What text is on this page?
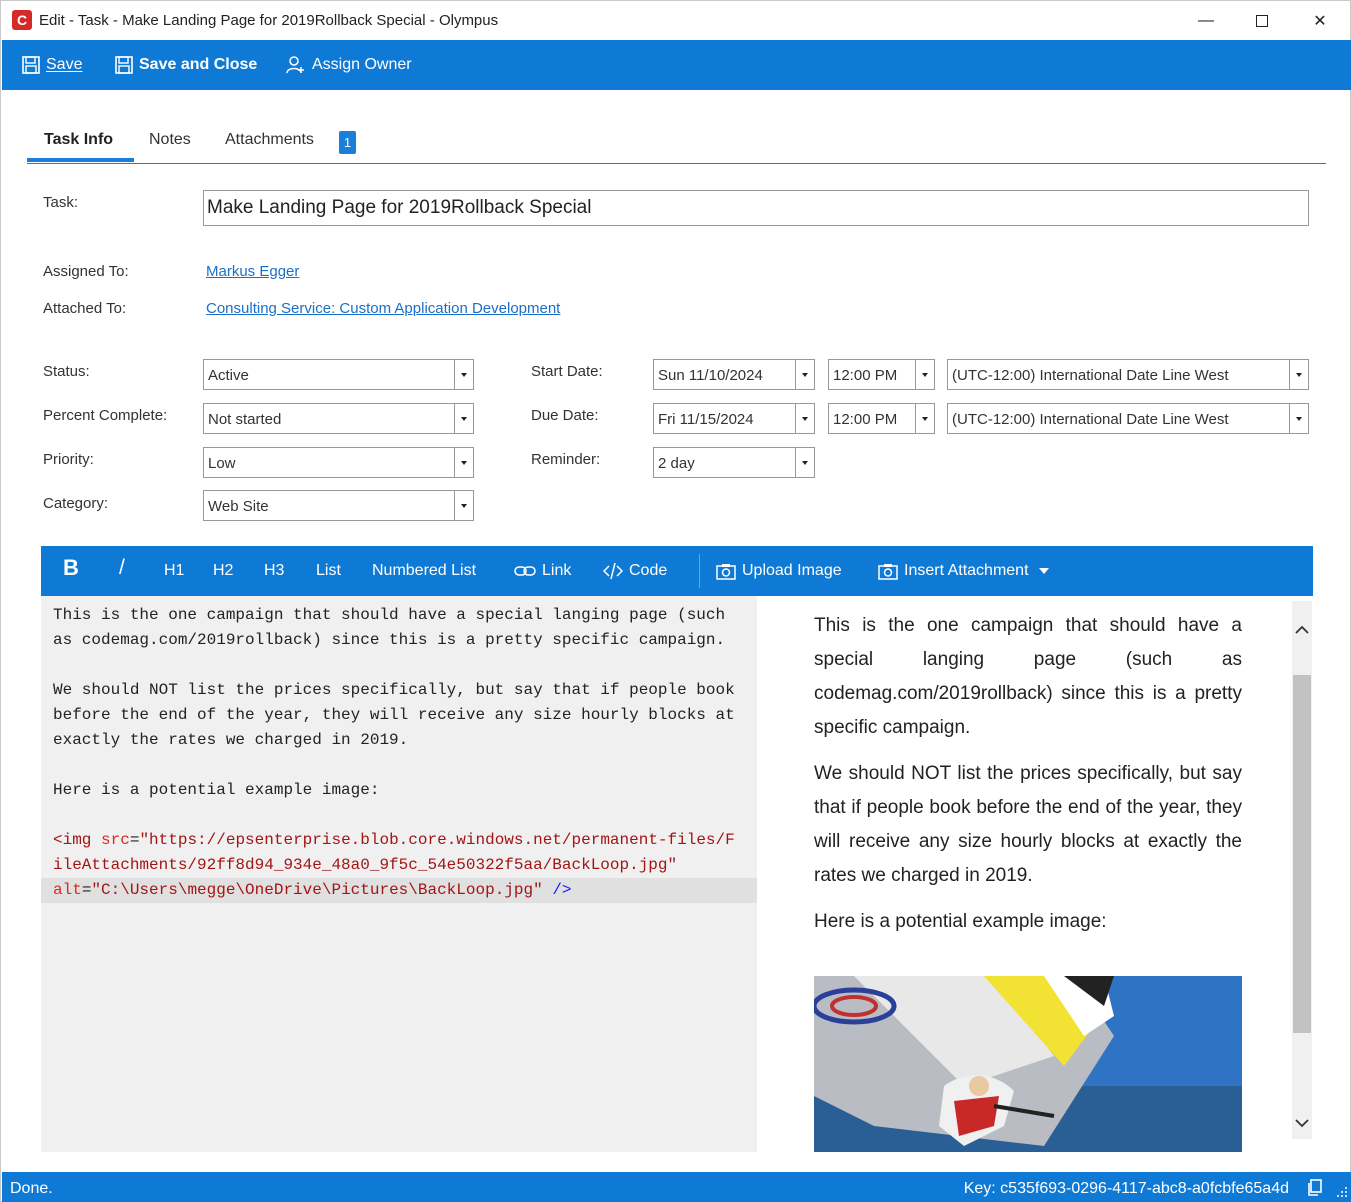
C Edit - Task - Make Landing Page for 2019Rollback Special - Olympus	—	✕
Save	Save and Close	Assign Owner
Task Info Notes Attachments	1
Task:
Make Landing Page for 2019Rollback Special
Assigned To:	Markus Egger
Attached To:	Consulting Service: Custom Application Development
Status:	Active
Percent Complete:	Not started
Priority:	Low
Category:	Web Site
Start Date:	Sun 11/10/2024	12:00 PM	(UTC-12:00) International Date Line West
Due Date:	Fri 11/15/2024	12:00 PM	(UTC-12:00) International Date Line West
Reminder:	2 day
B / H1 H2 H3 List Numbered List	Link	Code	Upload Image	Insert Attachment
This is the one campaign that should have a special langing page (such
as codemag.com/2019rollback) since this is a pretty specific campaign.
We should NOT list the prices specifically, but say that if people book
before the end of the year, they will receive any size hourly blocks at
exactly the rates we charged in 2019.
Here is a potential example image:
<img src="https://epsenterprise.blob.core.windows.net/permanent-files/F
ileAttachments/92ff8d94_934e_48a0_9f5c_54e50322f5aa/BackLoop.jpg"
alt="C:\Users\megge\OneDrive\Pictures\BackLoop.jpg" />

This is the one campaign that should have a special langing page (such as codemag.com/2019rollback) since this is a pretty specific campaign.

We should NOT list the prices specifically, but say that if people book before the end of the year, they will receive any size hourly blocks at exactly the rates we charged in 2019.

Here is a potential example image:

Done.	Key: c535f693-0296-4117-abc8-a0fcbfe65a4d
